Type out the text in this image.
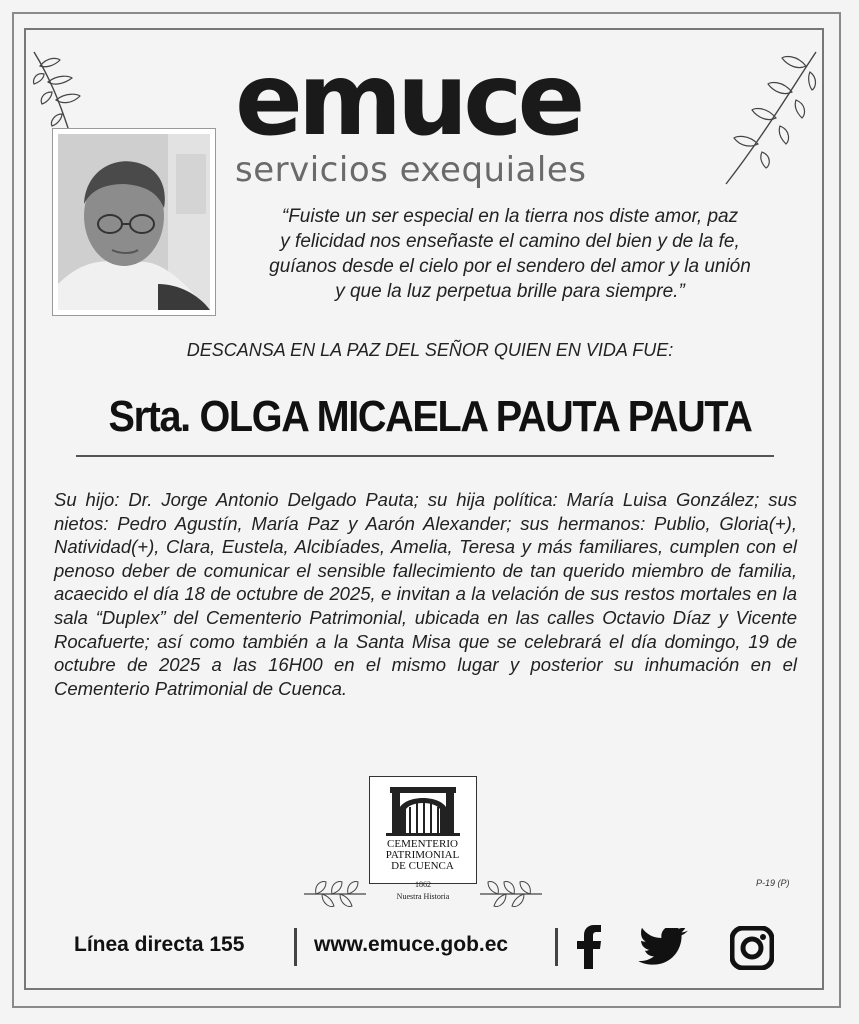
emuce
servicios exequiales
“Fuiste un ser especial en la tierra nos diste amor, paz
y felicidad nos enseñaste el camino del bien y de la fe,
guíanos desde el cielo por el sendero del amor y la unión
y que la luz perpetua brille para siempre.”
DESCANSA EN LA PAZ DEL SEÑOR QUIEN EN VIDA FUE:
Srta. OLGA MICAELA PAUTA PAUTA
Su hijo: Dr. Jorge Antonio Delgado Pauta; su hija política: María Luisa González; sus nietos: Pedro Agustín, María Paz y Aarón Alexander; sus hermanos: Publio, Gloria(+), Natividad(+), Clara, Eustela, Alcibíades, Amelia, Teresa y más familiares, cumplen con el penoso deber de comunicar el sensible fallecimiento de tan querido miembro de familia, acaecido el día 18 de octubre de 2025, e invitan a la velación de sus restos mortales en la sala “Duplex” del Cementerio Patrimonial, ubicada en las calles Octavio Díaz y Vicente Rocafuerte; así como también a la Santa Misa que se celebrará el día domingo, 19 de octubre de 2025 a las 16H00 en el mismo lugar y posterior su inhumación en el Cementerio Patrimonial de Cuenca.
CEMENTERIO
PATRIMONIAL
DE CUENCA
1862
Nuestra Historia
P-19 (P)
Línea directa 155	www.emuce.gob.ec
